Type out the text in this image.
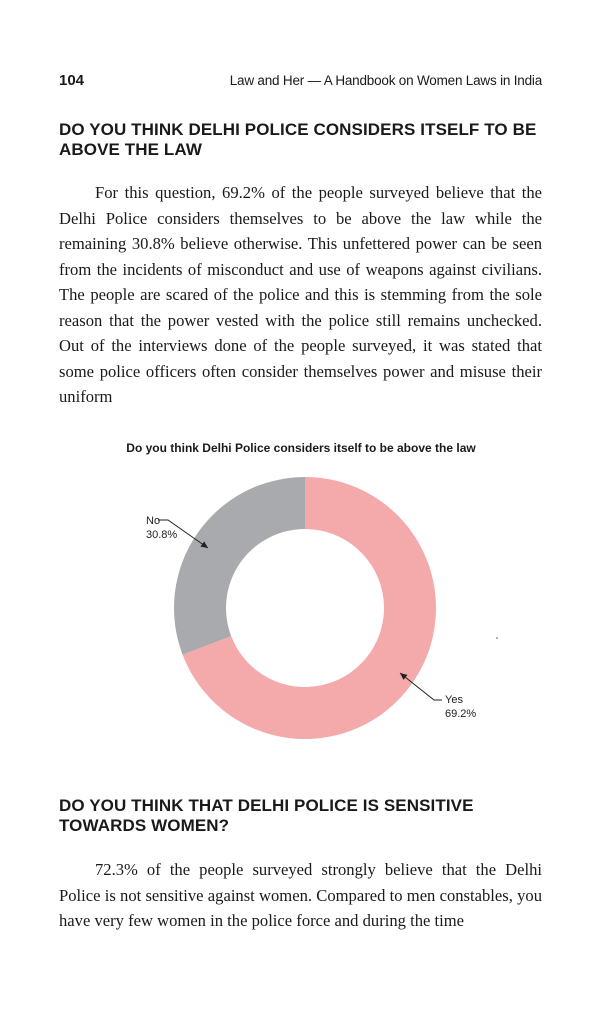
104	Law and Her — A Handbook on Women Laws in India
DO YOU THINK DELHI POLICE CONSIDERS ITSELF TO BE ABOVE THE LAW

For this question, 69.2% of the people surveyed believe that the Delhi Police considers themselves to be above the law while the remaining 30.8% believe otherwise. This unfettered power can be seen from the incidents of misconduct and use of weapons against civilians. The people are scared of the police and this is stemming from the sole reason that the power vested with the police still remains unchecked. Out of the interviews done of the people surveyed, it was stated that some police officers often consider themselves power and misuse their uniform

Do you think Delhi Police considers itself to be above the law
No
30.8%
Yes
69.2%
DO YOU THINK THAT DELHI POLICE IS SENSITIVE TOWARDS WOMEN?

72.3% of the people surveyed strongly believe that the Delhi Police is not sensitive against women. Compared to men constables, you have very few women in the police force and during the time
